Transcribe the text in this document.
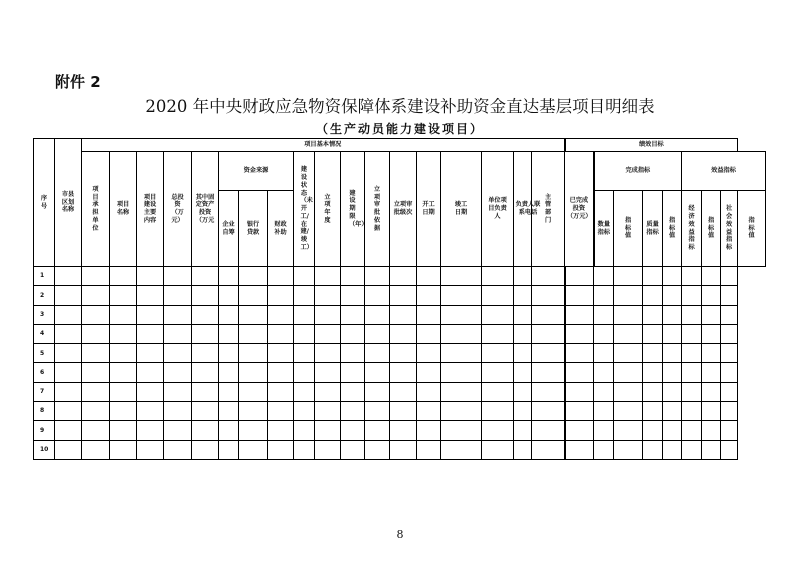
附件 2
2020 年中央财政应急物资保障体系建设补助资金直达基层项目明细表
（生产动员能力建设项目）
序号	市县区划名称	项目基本情况																		绩效目标								
		项目承担单位	项目名称	项目建设主要内容	总投资（万元）	其中固定资产投资（万元	资金来源			建设状态（未开工/在建/竣工）	立项年度	建设期限（年）	立项审批依据	立项审批级次	开工日期	竣工日期	单位项目负责人	负责人联系电话	主管部门	已完成投资（万元）	完成指标				效益指标			
							企业自筹	银行贷款	财政补助												数量指标	指标值	质量指标	指标值	经济效益指标	指标值	社会效益指标	指标值
1																												
2																												
3																												
4																												
5																												
6																												
7																												
8																												
9																												
10																												
8
